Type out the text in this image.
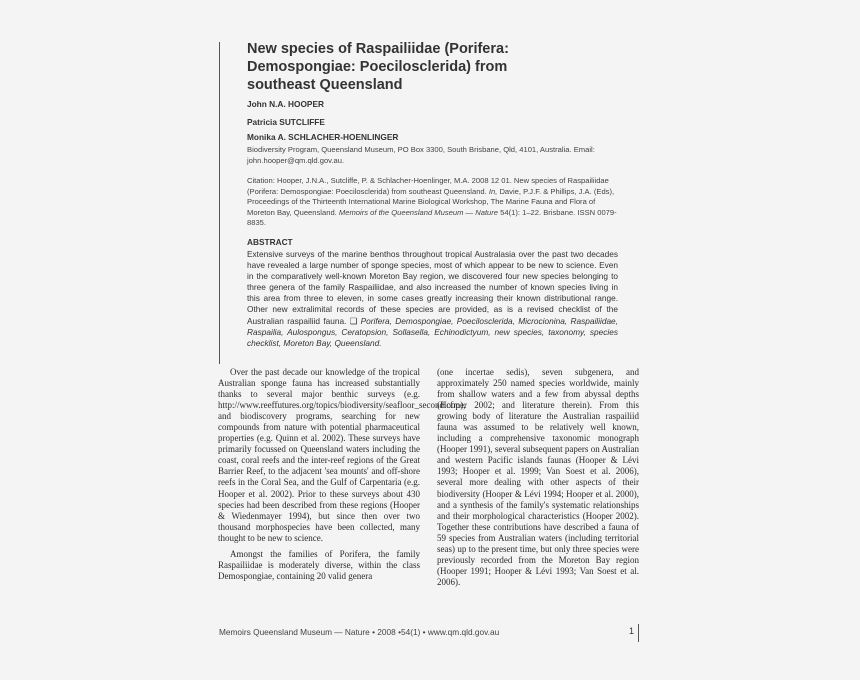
New species of Raspailiidae (Porifera: Demospongiae: Poecilosclerida) from southeast Queensland
John N.A. HOOPER
Patricia SUTCLIFFE
Monika A. SCHLACHER-HOENLINGER
Biodiversity Program, Queensland Museum, PO Box 3300, South Brisbane, Qld, 4101, Australia. Email: john.hooper@qm.qld.gov.au.
Citation: Hooper, J.N.A., Sutcliffe, P. & Schlacher-Hoenlinger, M.A. 2008 12 01. New species of Raspailiidae (Porifera: Demospongiae: Poecilosclerida) from southeast Queensland. In, Davie, P.J.F. & Phillips, J.A. (Eds), Proceedings of the Thirteenth International Marine Biological Workshop, The Marine Fauna and Flora of Moreton Bay, Queensland. Memoirs of the Queensland Museum — Nature 54(1): 1–22. Brisbane. ISSN 0079-8835.
ABSTRACT

Extensive surveys of the marine benthos throughout tropical Australasia over the past two decades have revealed a large number of sponge species, most of which appear to be new to science. Even in the comparatively well-known Moreton Bay region, we discovered four new species belonging to three genera of the family Raspailiidae, and also increased the number of known species living in this area from three to eleven, in some cases greatly increasing their known distributional range. Other new extralimital records of these species are provided, as is a revised checklist of the Australian raspailiid fauna. ❑ Porifera, Demospongiae, Poecilosclerida, Microcionina, Raspailiidae, Raspailia, Aulospongus, Ceratopsion, Sollasella, Echinodictyum, new species, taxonomy, species checklist, Moreton Bay, Queensland.

Over the past decade our knowledge of the tropical Australian sponge fauna has increased substantially thanks to several major benthic surveys (e.g. http://www.reeffutures.org/topics/biodiversity/seafloor_second.cfm), and biodiscovery programs, searching for new compounds from nature with potential pharmaceutical properties (e.g. Quinn et al. 2002). These surveys have primarily focussed on Queensland waters including the coast, coral reefs and the inter-reef regions of the Great Barrier Reef, to the adjacent 'sea mounts' and off-shore reefs in the Coral Sea, and the Gulf of Carpentaria (e.g. Hooper et al. 2002). Prior to these surveys about 430 species had been described from these regions (Hooper & Wiedenmayer 1994), but since then over two thousand morphospecies have been collected, many thought to be new to science.

Amongst the families of Porifera, the family Raspailiidae is moderately diverse, within the class Demospongiae, containing 20 valid genera

(one incertae sedis), seven subgenera, and approximately 250 named species worldwide, mainly from shallow waters and a few from abyssal depths (Hooper 2002; and literature therein). From this growing body of literature the Australian raspailiid fauna was assumed to be relatively well known, including a comprehensive taxonomic monograph (Hooper 1991), several subsequent papers on Australian and western Pacific islands faunas (Hooper & Lévi 1993; Hooper et al. 1999; Van Soest et al. 2006), several more dealing with other aspects of their biodiversity (Hooper & Lévi 1994; Hooper et al. 2000), and a synthesis of the family's systematic relationships and their morphological characteristics (Hooper 2002). Together these contributions have described a fauna of 59 species from Australian waters (including territorial seas) up to the present time, but only three species were previously recorded from the Moreton Bay region (Hooper 1991; Hooper & Lévi 1993; Van Soest et al. 2006).

Memoirs Queensland Museum — Nature • 2008 •54(1) • www.qm.qld.gov.au	1
